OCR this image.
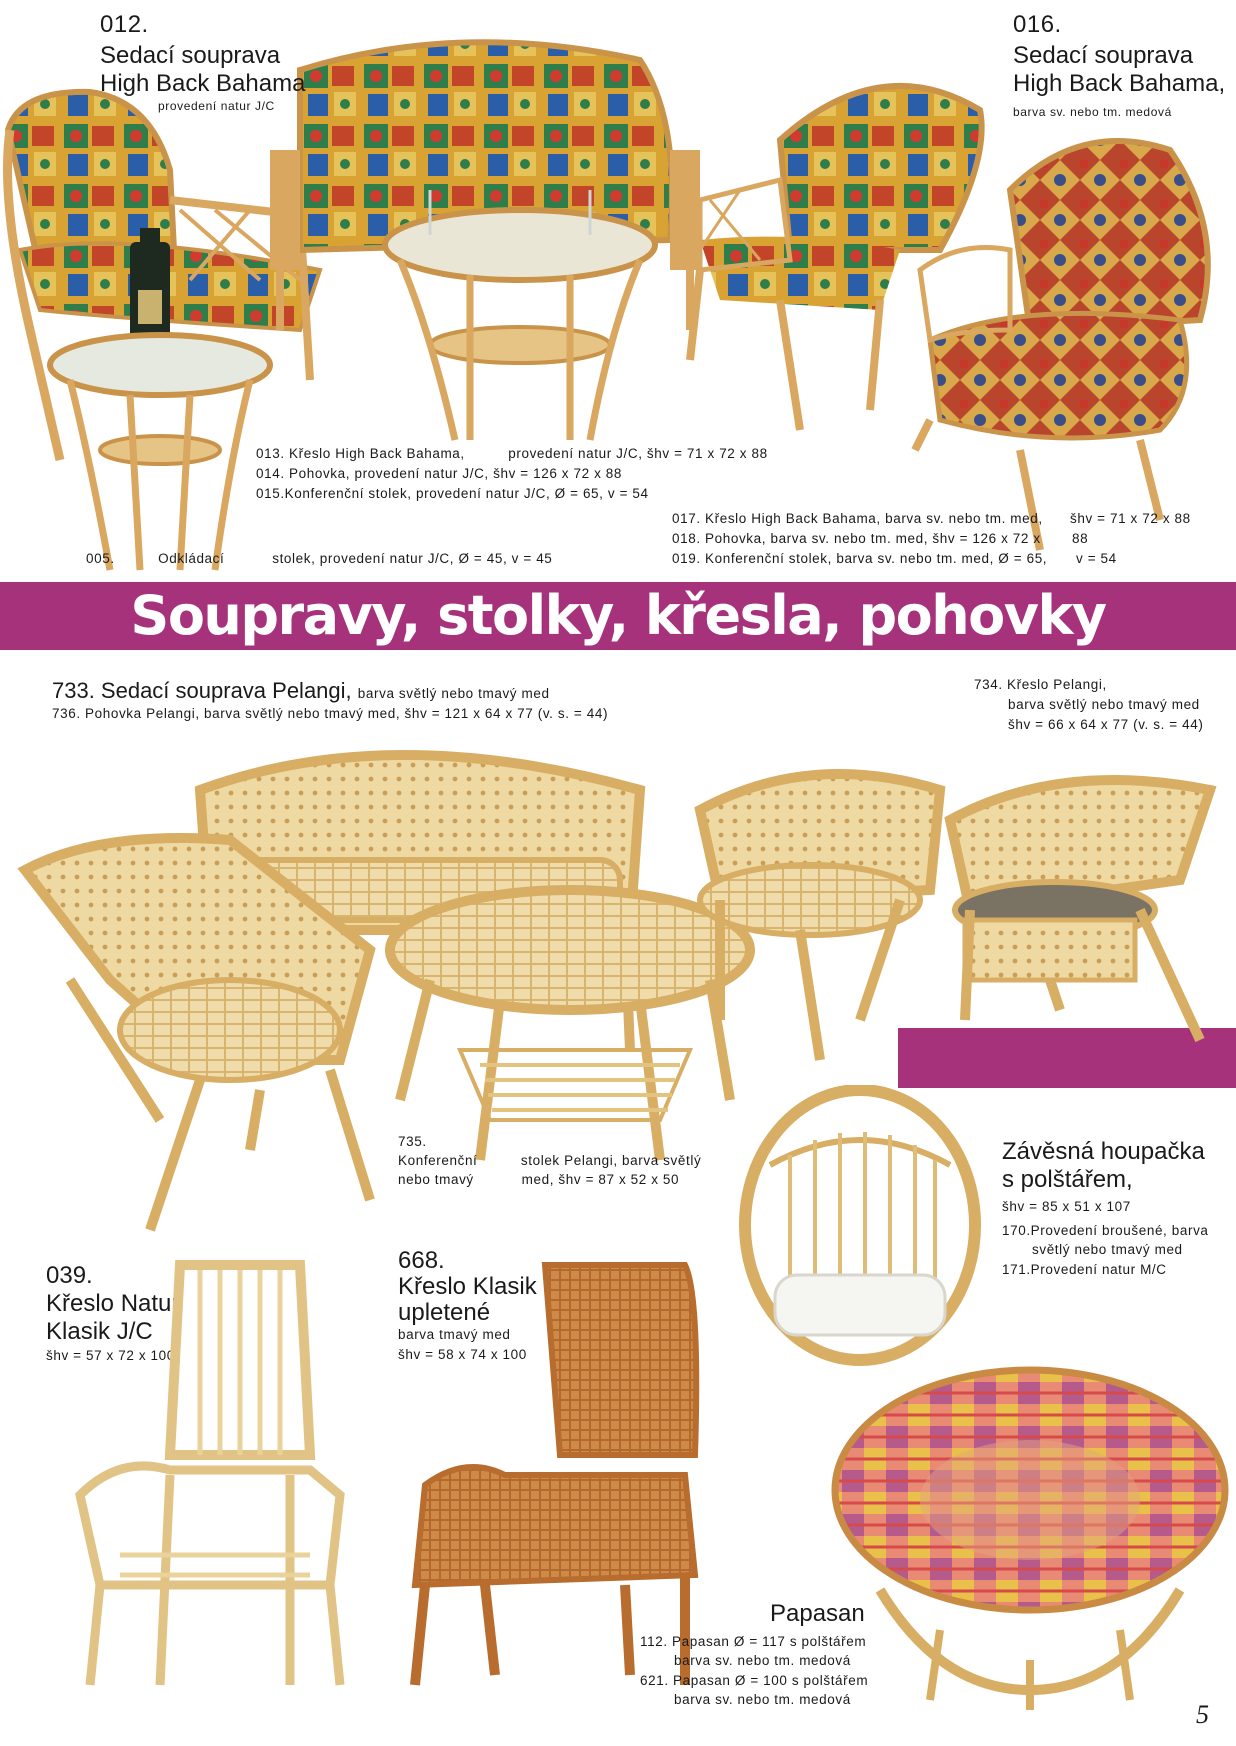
012.
Sedací souprava
High Back Bahama
provedení natur J/C
016.
Sedací souprava
High Back Bahama,
barva sv. nebo tm. medová
013. Křeslo High Back Bahama,          provedení natur J/C, šhv = 71 x 72 x 88
014. Pohovka, provedení natur J/C, šhv = 126 x 72 x 88
015.Konferenční stolek, provedení natur J/C, Ø = 65, v = 54
005.          Odkládací           stolek, provedení natur J/C, Ø = 45, v = 45
017. Křeslo High Back Bahama, barva sv. nebo tm. med,
018. Pohovka, barva sv. nebo tm. med, šhv = 126 x 72 x
019. Konferenční stolek, barva sv. nebo tm. med, Ø = 65,
šhv = 71 x 72 x 88
88
v = 54
Soupravy, stolky, křesla, pohovky
733. Sedací souprava Pelangi, barva světlý nebo tmavý med
736. Pohovka Pelangi, barva světlý nebo tmavý med, šhv = 121 x 64 x 77 (v. s. = 44)
734. Křeslo Pelangi,
barva světlý nebo tmavý med
šhv = 66 x 64 x 77 (v. s. = 44)
735.
Konferenční          stolek Pelangi, barva světlý
nebo tmavý           med, šhv = 87 x 52 x 50
Závěsná houpačka
s polštářem,
šhv = 85 x 51 x 107
170.Provedení broušené, barva
světlý nebo tmavý med
171.Provedení natur M/C
039.
Křeslo Natur
Klasik J/C
šhv = 57 x 72 x 100
668.
Křeslo Klasik
upletené
barva tmavý med
šhv = 58 x 74 x 100
Papasan
112. Papasan Ø = 117 s polštářem
barva sv. nebo tm. medová
621. Papasan Ø = 100 s polštářem
barva sv. nebo tm. medová
5
